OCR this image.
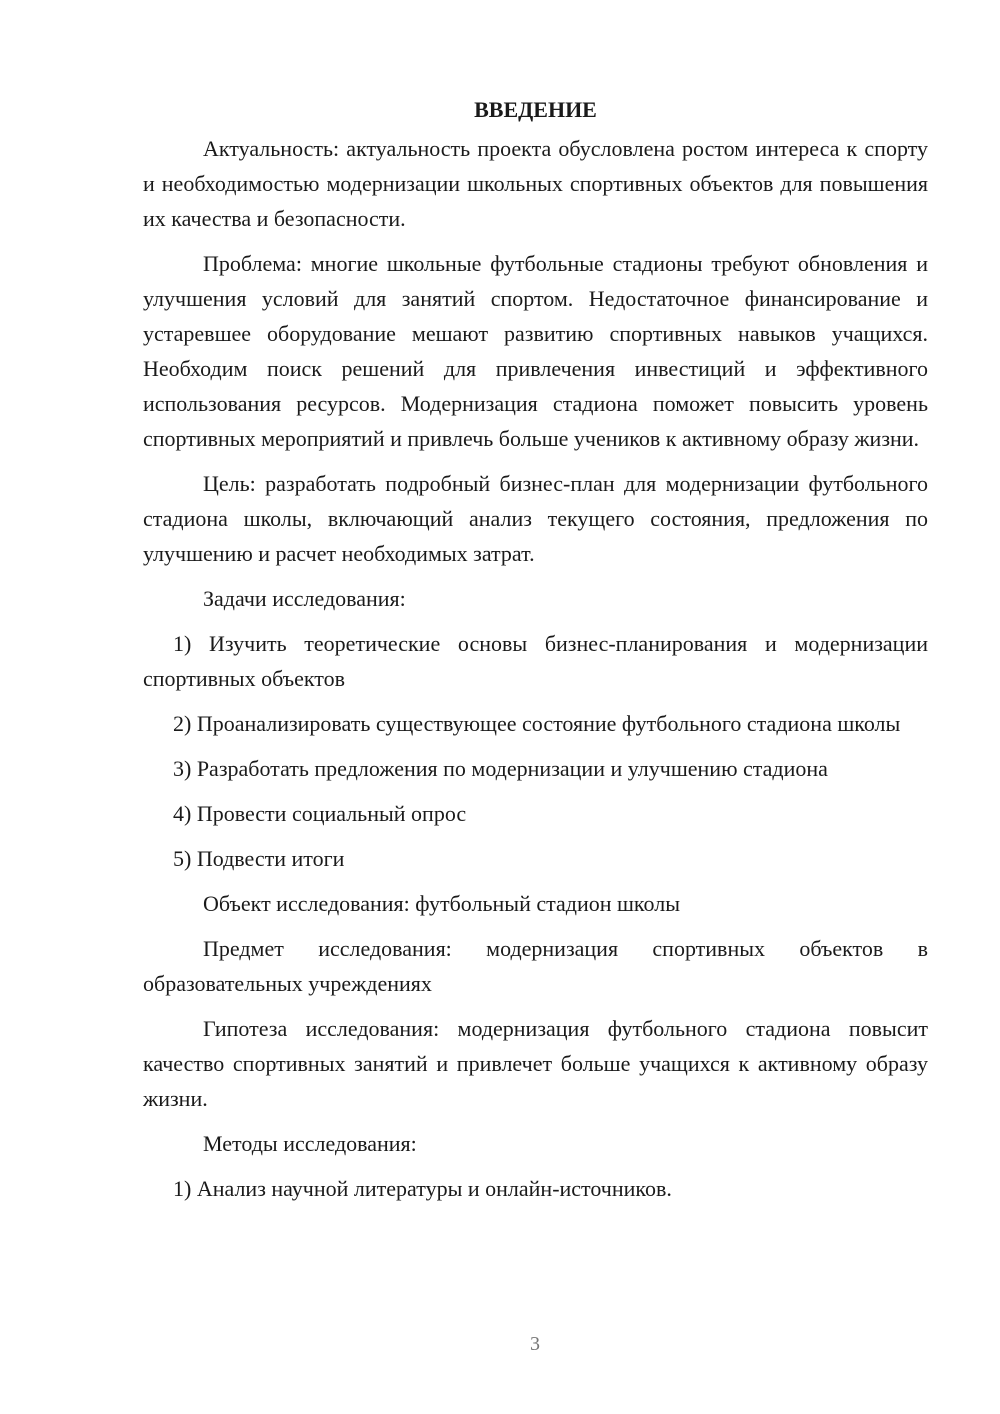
ВВЕДЕНИЕ

Актуальность: актуальность проекта обусловлена ростом интереса к спорту и необходимостью модернизации школьных спортивных объектов для повышения их качества и безопасности.

Проблема: многие школьные футбольные стадионы требуют обновления и улучшения условий для занятий спортом. Недостаточное финансирование и устаревшее оборудование мешают развитию спортивных навыков учащихся. Необходим поиск решений для привлечения инвестиций и эффективного использования ресурсов. Модернизация стадиона поможет повысить уровень спортивных мероприятий и привлечь больше учеников к активному образу жизни.

Цель: разработать подробный бизнес-план для модернизации футбольного стадиона школы, включающий анализ текущего состояния, предложения по улучшению и расчет необходимых затрат.

Задачи исследования:

1) Изучить теоретические основы бизнес-планирования и модернизации спортивных объектов

2) Проанализировать существующее состояние футбольного стадиона школы

3) Разработать предложения по модернизации и улучшению стадиона

4) Провести социальный опрос

5) Подвести итоги

Объект исследования: футбольный стадион школы

Предмет исследования: модернизация спортивных объектов в образовательных учреждениях

Гипотеза исследования: модернизация футбольного стадиона повысит качество спортивных занятий и привлечет больше учащихся к активному образу жизни.

Методы исследования:

1) Анализ научной литературы и онлайн-источников.

3
